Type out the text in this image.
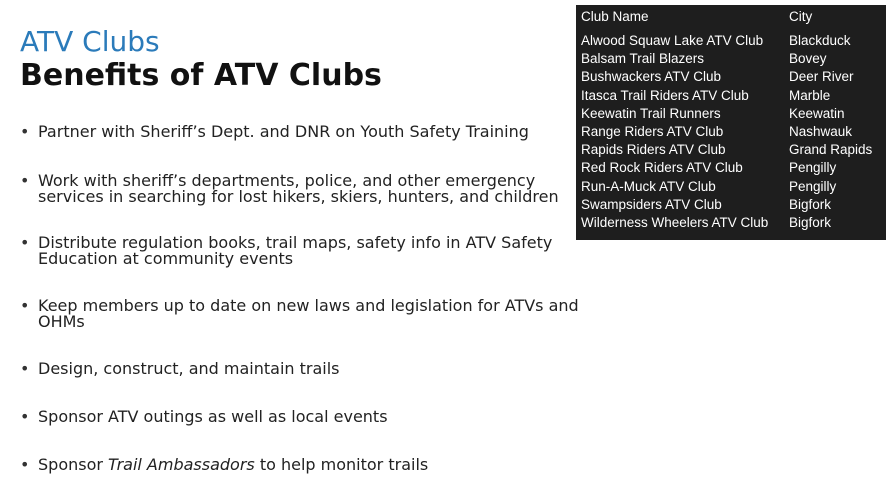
ATV Clubs
Benefits of ATV Clubs
• Partner with Sheriff’s Dept. and DNR on Youth Safety Training
• Work with sheriff’s departments, police, and other emergency
services in searching for lost hikers, skiers, hunters, and children
• Distribute regulation books, trail maps, safety info in ATV Safety
Education at community events
• Keep members up to date on new laws and legislation for ATVs and
OHMs
• Design, construct, and maintain trails
• Sponsor ATV outings as well as local events
• Sponsor Trail Ambassadors to help monitor trails
Club Name	City
Alwood Squaw Lake ATV Club	Blackduck
Balsam Trail Blazers	Bovey
Bushwackers ATV Club	Deer River
Itasca Trail Riders ATV Club	Marble
Keewatin Trail Runners	Keewatin
Range Riders ATV Club	Nashwauk
Rapids Riders ATV Club	Grand Rapids
Red Rock Riders ATV Club	Pengilly
Run-A-Muck ATV Club	Pengilly
Swampsiders ATV Club	Bigfork
Wilderness Wheelers ATV Club	Bigfork
